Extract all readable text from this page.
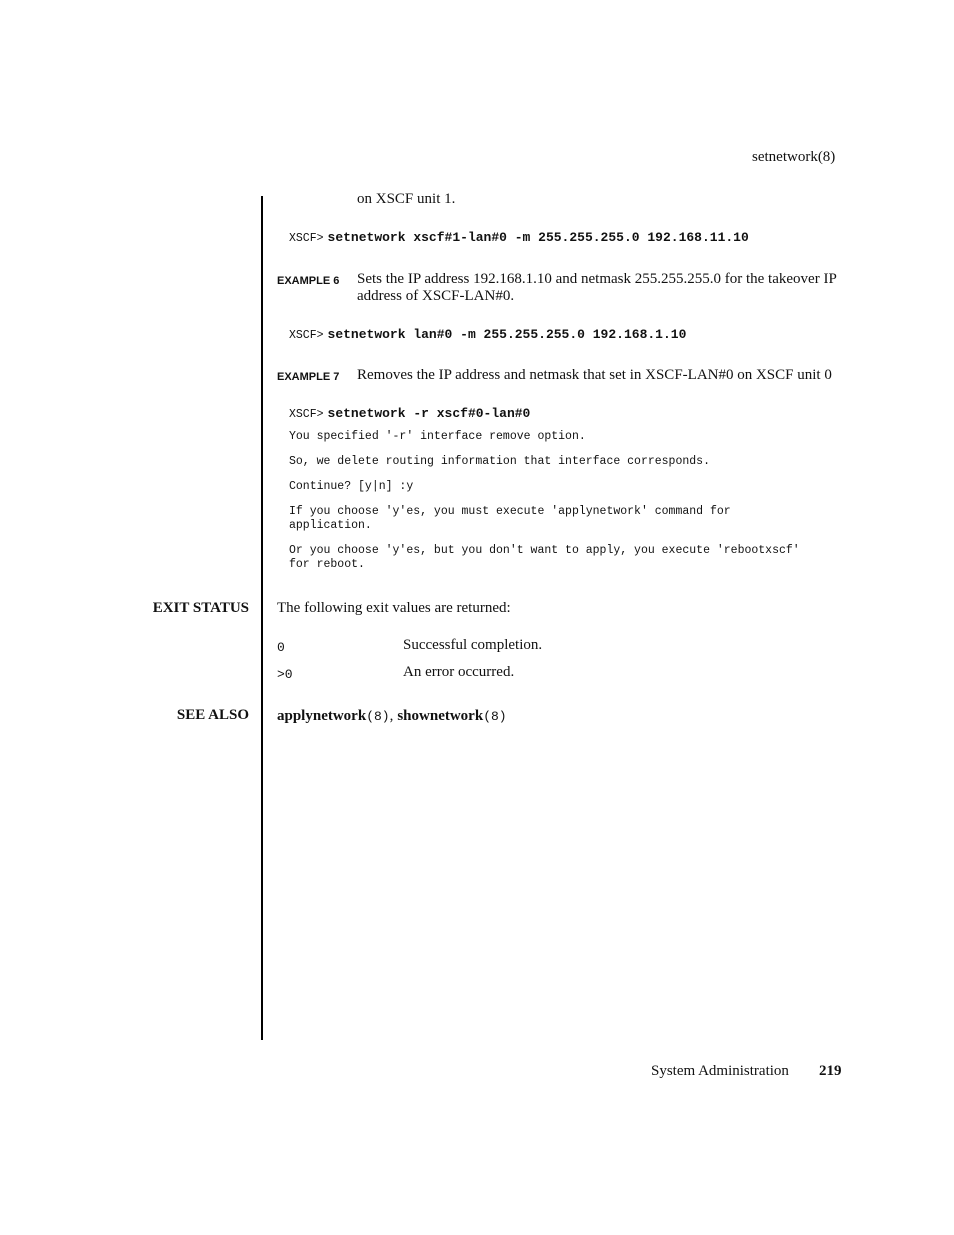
setnetwork(8)
on XSCF unit 1.
XSCF> setnetwork xscf#1-lan#0 -m 255.255.255.0 192.168.11.10
EXAMPLE 6 Sets the IP address 192.168.1.10 and netmask 255.255.255.0 for the takeover IP
address of XSCF-LAN#0.
XSCF> setnetwork lan#0 -m 255.255.255.0 192.168.1.10
EXAMPLE 7 Removes the IP address and netmask that set in XSCF-LAN#0 on XSCF unit 0
XSCF> setnetwork -r xscf#0-lan#0
You specified '-r' interface remove option.
So, we delete routing information that interface corresponds.
Continue? [y|n] :y
If you choose 'y'es, you must execute 'applynetwork' command for
application.
Or you choose 'y'es, but you don't want to apply, you execute 'rebootxscf'
for reboot.
EXIT STATUS The following exit values are returned:
0	Successful completion.
>0	An error occurred.
SEE ALSO applynetwork(8), shownetwork(8)
System Administration 219
